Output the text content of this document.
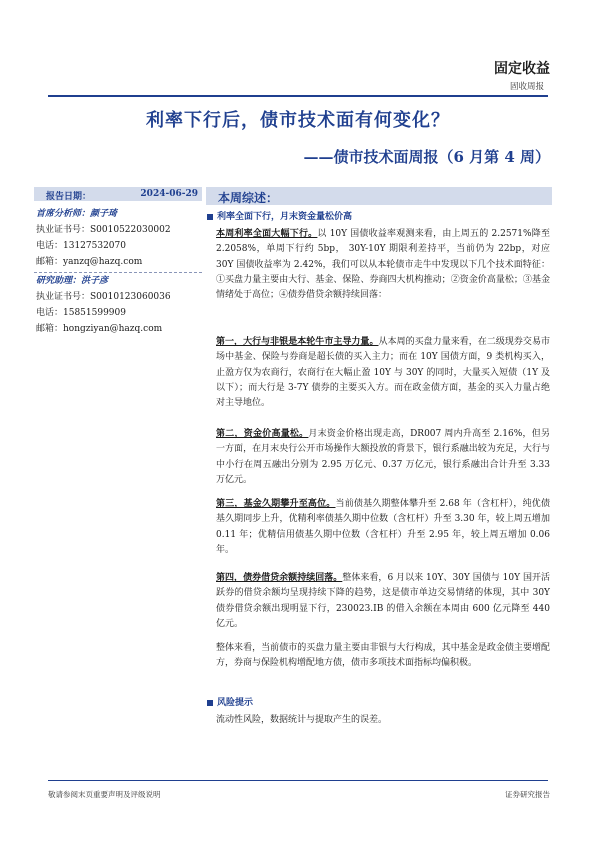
固定收益
固收周报
利率下行后，债市技术面有何变化？
——债市技术面周报（6 月第 4 周）
报告日期：	2024-06-29
首席分析师：颜子琦
执业证书号：S0010522030002
电话：13127532070
邮箱：yanzq@hazq.com
研究助理：洪子彦
执业证书号：S0010123060036
电话：15851599909
邮箱：hongziyan@hazq.com
本周综述：
利率全面下行，月末资金量松价高
本周利率全面大幅下行。以 10Y 国债收益率观测来看，由上周五的 2.2571%降至 2.2058%，单周下行约 5bp， 30Y-10Y 期限利差持平，当前仍为 22bp，对应 30Y 国债收益率为 2.42%，我们可以从本轮债市走牛中发现以下几个技术面特征：①买盘力量主要由大行、基金、保险、券商四大机构推动；②资金价高量松；③基金情绪处于高位；④债券借贷余额持续回落：
第一，大行与非银是本轮牛市主导力量。从本周的买盘力量来看，在二级现券交易市场中基金、保险与券商是超长债的买入主力；而在 10Y 国债方面，9 类机构买入，止盈方仅为农商行，农商行在大幅止盈 10Y 与 30Y 的同时，大量买入短债（1Y 及以下）；而大行是 3-7Y 债券的主要买入方。而在政金债方面，基金的买入力量占绝对主导地位。
第二，资金价高量松。月末资金价格出现走高，DR007 周内升高至 2.16%，但另一方面，在月末央行公开市场操作大额投放的背景下，银行系融出较为充足，大行与中小行在周五融出分别为 2.95 万亿元、0.37 万亿元，银行系融出合计升至 3.33 万亿元。
第三，基金久期攀升至高位。当前债基久期整体攀升至 2.68 年（含杠杆），纯优债基久期同步上升，优精利率债基久期中位数（含杠杆）升至 3.30 年，较上周五增加 0.11 年；优精信用债基久期中位数（含杠杆）升至 2.95 年，较上周五增加 0.06 年。
第四，债券借贷余额持续回落。整体来看，6 月以来 10Y、30Y 国债与 10Y 国开活跃券的借贷余额均呈现持续下降的趋势，这是债市单边交易情绪的体现，其中 30Y 债券借贷余额出现明显下行，230023.IB 的借入余额在本周由 600 亿元降至 440 亿元。
整体来看，当前债市的买盘力量主要由非银与大行构成，其中基金是政金债主要增配方，券商与保险机构增配地方债，债市多项技术面指标均偏积极。
风险提示
流动性风险，数据统计与提取产生的误差。
敬请参阅末页重要声明及评级说明	证券研究报告
